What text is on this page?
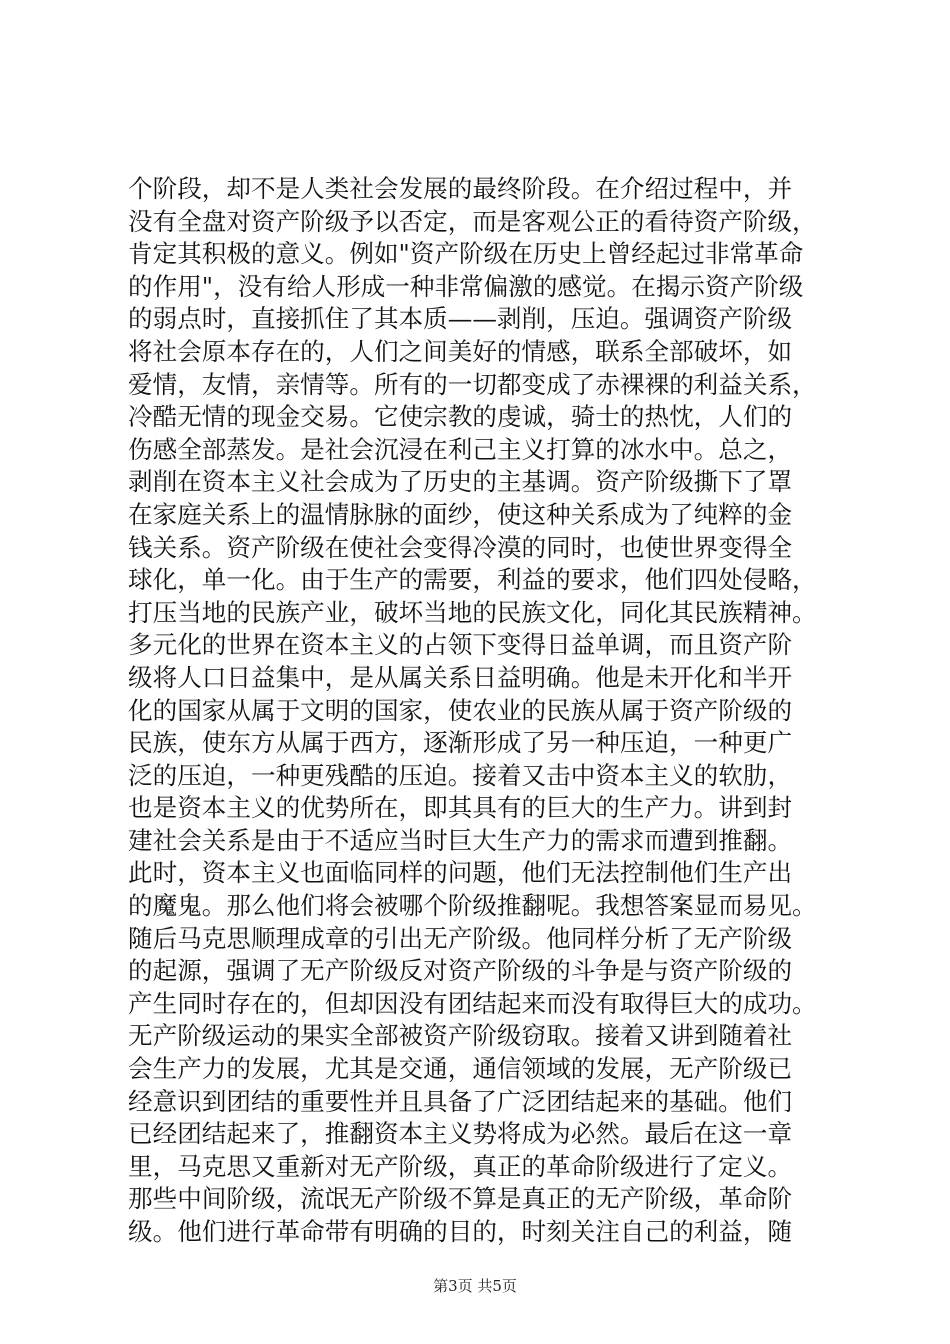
个阶段，却不是人类社会发展的最终阶段。在介绍过程中，并
没有全盘对资产阶级予以否定，而是客观公正的看待资产阶级，
肯定其积极的意义。例如"资产阶级在历史上曾经起过非常革命
的作用"，没有给人形成一种非常偏激的感觉。在揭示资产阶级
的弱点时，直接抓住了其本质——剥削，压迫。强调资产阶级
将社会原本存在的，人们之间美好的情感，联系全部破坏，如
爱情，友情，亲情等。所有的一切都变成了赤裸裸的利益关系，
冷酷无情的现金交易。它使宗教的虔诚，骑士的热忱，人们的
伤感全部蒸发。是社会沉浸在利己主义打算的冰水中。总之，
剥削在资本主义社会成为了历史的主基调。资产阶级撕下了罩
在家庭关系上的温情脉脉的面纱，使这种关系成为了纯粹的金
钱关系。资产阶级在使社会变得冷漠的同时，也使世界变得全
球化，单一化。由于生产的需要，利益的要求，他们四处侵略，
打压当地的民族产业，破坏当地的民族文化，同化其民族精神。
多元化的世界在资本主义的占领下变得日益单调，而且资产阶
级将人口日益集中，是从属关系日益明确。他是未开化和半开
化的国家从属于文明的国家，使农业的民族从属于资产阶级的
民族，使东方从属于西方，逐渐形成了另一种压迫，一种更广
泛的压迫，一种更残酷的压迫。接着又击中资本主义的软肋，
也是资本主义的优势所在，即其具有的巨大的生产力。讲到封
建社会关系是由于不适应当时巨大生产力的需求而遭到推翻。
此时，资本主义也面临同样的问题，他们无法控制他们生产出
的魔鬼。那么他们将会被哪个阶级推翻呢。我想答案显而易见。
随后马克思顺理成章的引出无产阶级。他同样分析了无产阶级
的起源，强调了无产阶级反对资产阶级的斗争是与资产阶级的
产生同时存在的，但却因没有团结起来而没有取得巨大的成功。
无产阶级运动的果实全部被资产阶级窃取。接着又讲到随着社
会生产力的发展，尤其是交通，通信领域的发展，无产阶级已
经意识到团结的重要性并且具备了广泛团结起来的基础。他们
已经团结起来了，推翻资本主义势将成为必然。最后在这一章
里，马克思又重新对无产阶级，真正的革命阶级进行了定义。
那些中间阶级，流氓无产阶级不算是真正的无产阶级，革命阶
级。他们进行革命带有明确的目的，时刻关注自己的利益，随
第3页 共5页
